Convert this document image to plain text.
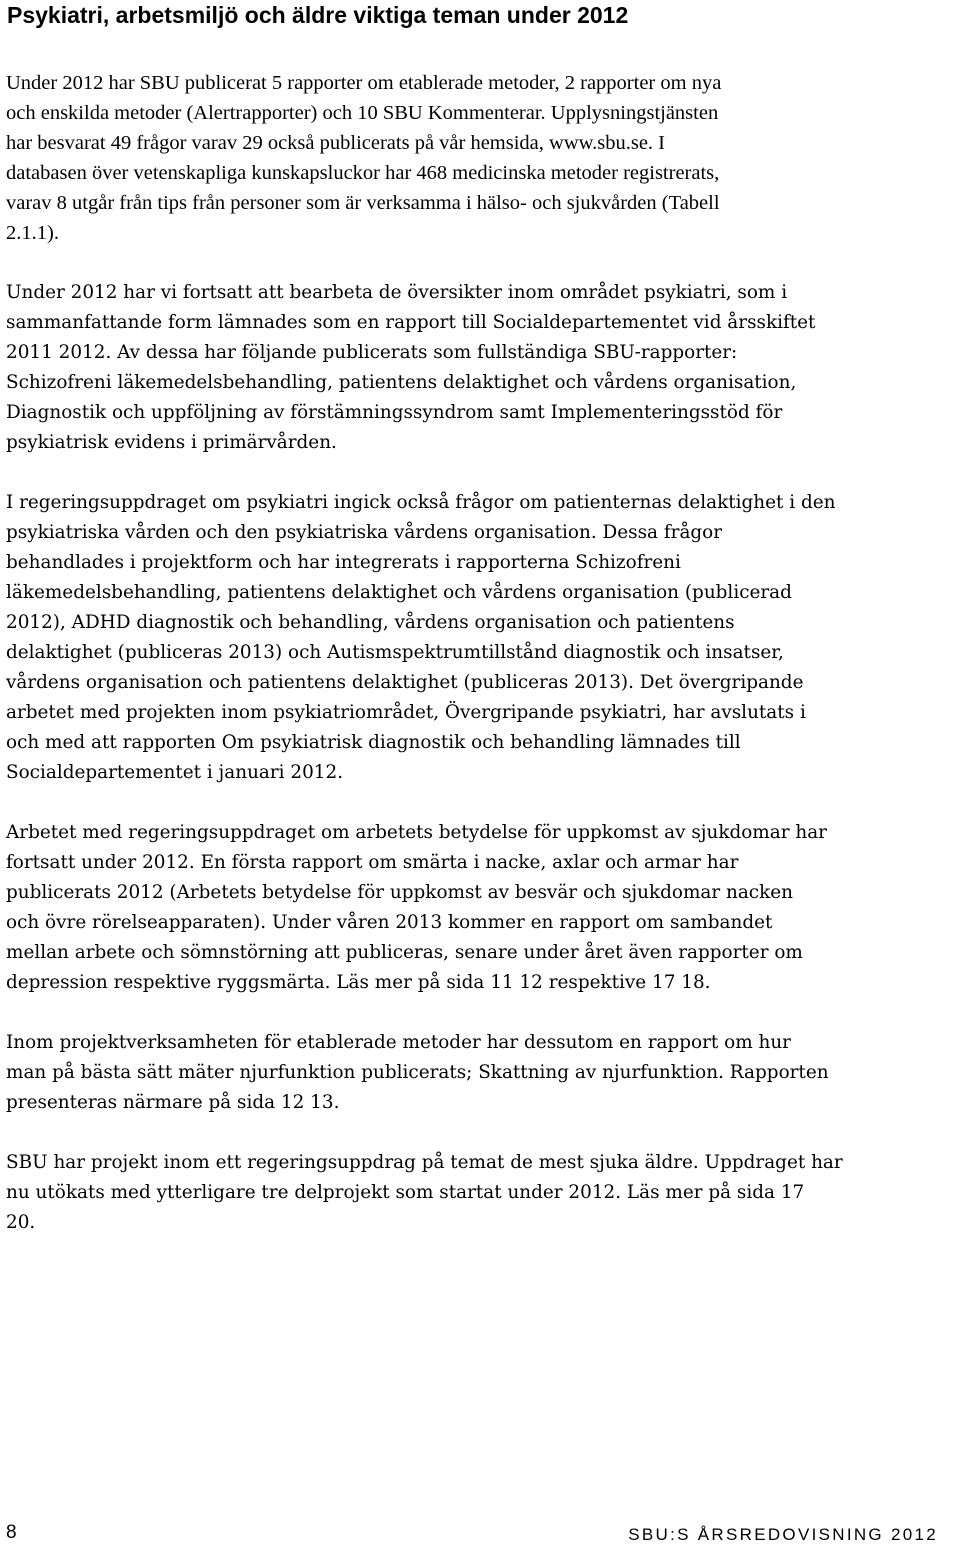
Psykiatri, arbetsmiljö och äldre viktiga teman under 2012

Under 2012 har SBU publicerat 5 rapporter om etablerade metoder, 2 rapporter om nya
och enskilda metoder (Alertrapporter) och 10 SBU Kommenterar. Upplysningstjänsten
har besvarat 49 frågor varav 29 också publicerats på vår hemsida, www.sbu.se. I
databasen över vetenskapliga kunskapsluckor har 468 medicinska metoder registrerats,
varav 8 utgår från tips från personer som är verksamma i hälso- och sjukvården (Tabell
2.1.1).

Under 2012 har vi fortsatt att bearbeta de översikter inom området psykiatri, som i
sammanfattande form lämnades som en rapport till Socialdepartementet vid årsskiftet
2011 2012. Av dessa har följande publicerats som fullständiga SBU-rapporter:
Schizofreni läkemedelsbehandling, patientens delaktighet och vårdens organisation,
Diagnostik och uppföljning av förstämningssyndrom samt Implementeringsstöd för
psykiatrisk evidens i primärvården.

I regeringsuppdraget om psykiatri ingick också frågor om patienternas delaktighet i den
psykiatriska vården och den psykiatriska vårdens organisation. Dessa frågor
behandlades i projektform och har integrerats i rapporterna Schizofreni
läkemedelsbehandling, patientens delaktighet och vårdens organisation (publicerad
2012), ADHD diagnostik och behandling, vårdens organisation och patientens
delaktighet (publiceras 2013) och Autismspektrumtillstånd diagnostik och insatser,
vårdens organisation och patientens delaktighet (publiceras 2013). Det övergripande
arbetet med projekten inom psykiatriområdet, Övergripande psykiatri, har avslutats i
och med att rapporten Om psykiatrisk diagnostik och behandling lämnades till
Socialdepartementet i januari 2012.

Arbetet med regeringsuppdraget om arbetets betydelse för uppkomst av sjukdomar har
fortsatt under 2012. En första rapport om smärta i nacke, axlar och armar har
publicerats 2012 (Arbetets betydelse för uppkomst av besvär och sjukdomar nacken
och övre rörelseapparaten). Under våren 2013 kommer en rapport om sambandet
mellan arbete och sömnstörning att publiceras, senare under året även rapporter om
depression respektive ryggsmärta. Läs mer på sida 11 12 respektive 17 18.

Inom projektverksamheten för etablerade metoder har dessutom en rapport om hur
man på bästa sätt mäter njurfunktion publicerats; Skattning av njurfunktion. Rapporten
presenteras närmare på sida 12 13.

SBU har projekt inom ett regeringsuppdrag på temat de mest sjuka äldre. Uppdraget har
nu utökats med ytterligare tre delprojekt som startat under 2012. Läs mer på sida 17
20.

8	SBU:S ÅRSREDOVISNING 2012
